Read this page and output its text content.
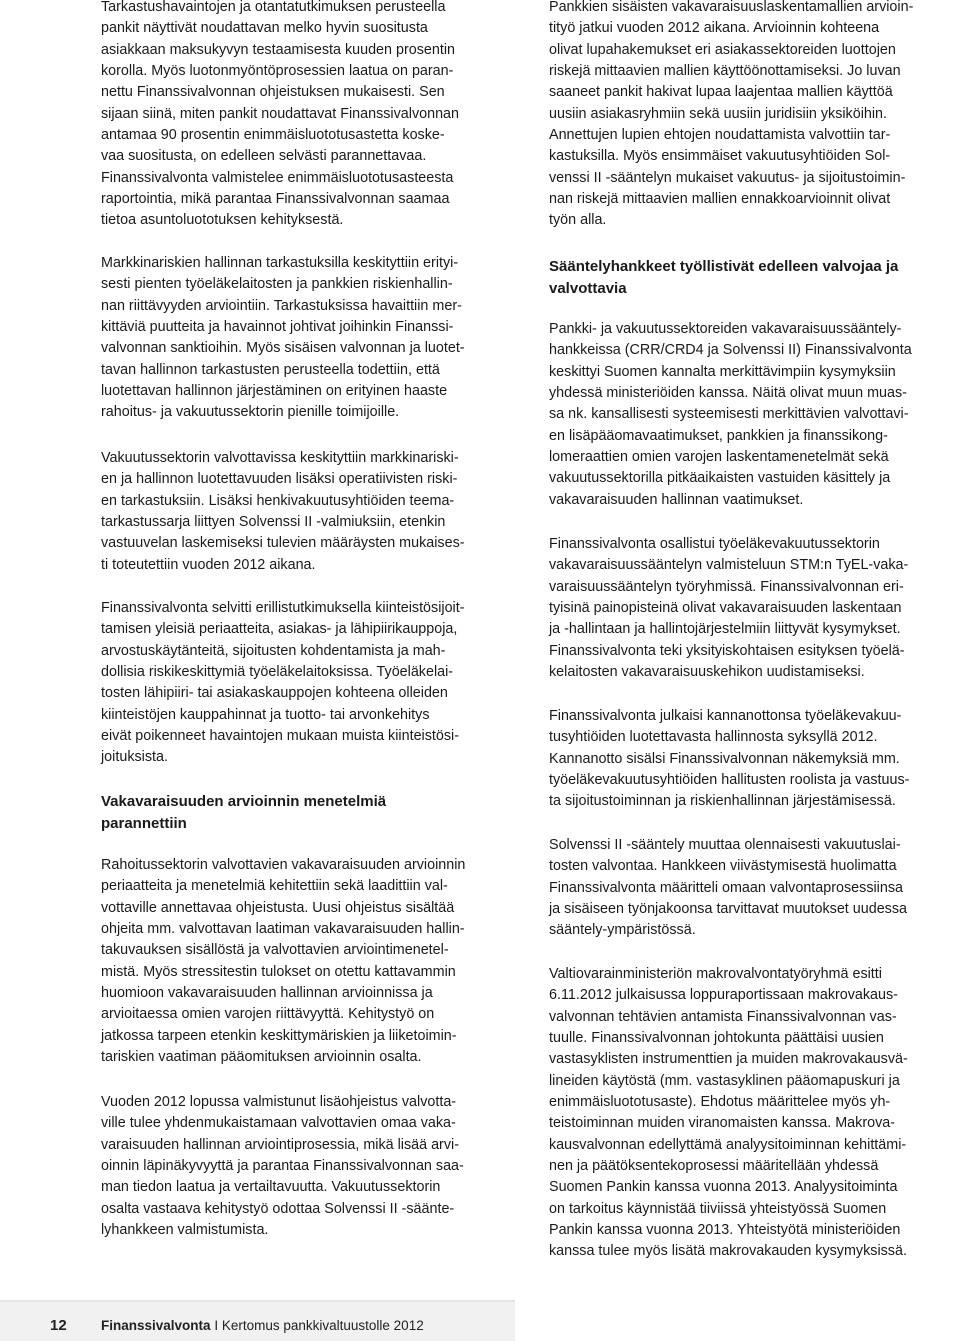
Tarkastushavaintojen ja otantatutkimuksen perusteella
pankit näyttivät noudattavan melko hyvin suositusta
asiakkaan maksukyvyn testaamisesta kuuden prosentin
korolla. Myös luotonmyöntöprosessien laatua on paran-
nettu Finanssivalvonnan ohjeistuksen mukaisesti. Sen
sijaan siinä, miten pankit noudattavat Finanssivalvonnan
antamaa 90 prosentin enimmäisluototusastetta koske-
vaa suositusta, on edelleen selvästi parannettavaa.
Finanssivalvonta valmistelee enimmäisluototusasteesta
raportointia, mikä parantaa Finanssivalvonnan saamaa
tietoa asuntoluototuksen kehityksestä.

Markkinariskien hallinnan tarkastuksilla keskityttiin erityi-
sesti pienten työeläkelaitosten ja pankkien riskienhallin-
nan riittävyyden arviointiin. Tarkastuksissa havaittiin mer-
kittäviä puutteita ja havainnot johtivat joihinkin Finanssi-
valvonnan sanktioihin. Myös sisäisen valvonnan ja luotet-
tavan hallinnon tarkastusten perusteella todettiin, että
luotettavan hallinnon järjestäminen on erityinen haaste
rahoitus- ja vakuutussektorin pienille toimijoille.

Vakuutussektorin valvottavissa keskityttiin markkinariski-
en ja hallinnon luotettavuuden lisäksi operatiivisten riski-
en tarkastuksiin. Lisäksi henkivakuutusyhtiöiden teema-
tarkastussarja liittyen Solvenssi II -valmiuksiin, etenkin
vastuuvelan laskemiseksi tulevien määräysten mukaises-
ti toteutettiin vuoden 2012 aikana.

Finanssivalvonta selvitti erillistutkimuksella kiinteistösijoit-
tamisen yleisiä periaatteita, asiakas- ja lähipiirikauppoja,
arvostuskäytänteitä, sijoitusten kohdentamista ja mah-
dollisia riskikeskittymiä työeläkelaitoksissa. Työeläkelai-
tosten lähipiiri- tai asiakaskauppojen kohteena olleiden
kiinteistöjen kauppahinnat ja tuotto- tai arvonkehitys
eivät poikenneet havaintojen mukaan muista kiinteistösi-
joituksista.

Vakavaraisuuden arvioinnin menetelmiä
parannettiin

Rahoitussektorin valvottavien vakavaraisuuden arvioinnin
periaatteita ja menetelmiä kehitettiin sekä laadittiin val-
vottaville annettavaa ohjeistusta. Uusi ohjeistus sisältää
ohjeita mm. valvottavan laatiman vakavaraisuuden hallin-
takuvauksen sisällöstä ja valvottavien arviointimenetel-
mistä. Myös stressitestin tulokset on otettu kattavammin
huomioon vakavaraisuuden hallinnan arvioinnissa ja
arvioitaessa omien varojen riittävyyttä. Kehitystyö on
jatkossa tarpeen etenkin keskittymäriskien ja liiketoimin-
tariskien vaatiman pääomituksen arvioinnin osalta.

Vuoden 2012 lopussa valmistunut lisäohjeistus valvotta-
ville tulee yhdenmukaistamaan valvottavien omaa vaka-
varaisuuden hallinnan arviointiprosessia, mikä lisää arvi-
oinnin läpinäkyvyyttä ja parantaa Finanssivalvonnan saa-
man tiedon laatua ja vertailtavuutta. Vakuutussektorin
osalta vastaava kehitystyö odottaa Solvenssi II -säänte-
lyhankkeen valmistumista.

Pankkien sisäisten vakavaraisuuslaskentamallien arvioin-
tityö jatkui vuoden 2012 aikana. Arvioinnin kohteena
olivat lupahakemukset eri asiakassektoreiden luottojen
riskejä mittaavien mallien käyttöönottamiseksi. Jo luvan
saaneet pankit hakivat lupaa laajentaa mallien käyttöä
uusiin asiakasryhmiin sekä uusiin juridisiin yksiköihin.
Annettujen lupien ehtojen noudattamista valvottiin tar-
kastuksilla. Myös ensimmäiset vakuutusyhtiöiden Sol-
venssi II -sääntelyn mukaiset vakuutus- ja sijoitustoimin-
nan riskejä mittaavien mallien ennakkoarvioinnit olivat
työn alla.

Sääntelyhankkeet työllistivät edelleen valvojaa ja
valvottavia

Pankki- ja vakuutussektoreiden vakavaraisuussääntely-
hankkeissa (CRR/CRD4 ja Solvenssi II) Finanssivalvonta
keskittyi Suomen kannalta merkittävimpiin kysymyksiin
yhdessä ministeriöiden kanssa. Näitä olivat muun muas-
sa nk. kansallisesti systeemisesti merkittävien valvottavi-
en lisäpääomavaatimukset, pankkien ja finanssikong-
lomeraattien omien varojen laskentamenetelmät sekä
vakuutussektorilla pitkäaikaisten vastuiden käsittely ja
vakavaraisuuden hallinnan vaatimukset.

Finanssivalvonta osallistui työeläkevakuutussektorin
vakavaraisuussääntelyn valmisteluun STM:n TyEL-vaka-
varaisuussääntelyn työryhmissä. Finanssivalvonnan eri-
tyisinä painopisteinä olivat vakavaraisuuden laskentaan
ja -hallintaan ja hallintojärjestelmiin liittyvät kysymykset.
Finanssivalvonta teki yksityiskohtaisen esityksen työelä-
kelaitosten vakavaraisuuskehikon uudistamiseksi.

Finanssivalvonta julkaisi kannanottonsa työeläkevakuu-
tusyhtiöiden luotettavasta hallinnosta syksyllä 2012.
Kannanotto sisälsi Finanssivalvonnan näkemyksiä mm.
työeläkevakuutusyhtiöiden hallitusten roolista ja vastuus-
ta sijoitustoiminnan ja riskienhallinnan järjestämisessä.

Solvenssi II -sääntely muuttaa olennaisesti vakuutuslai-
tosten valvontaa. Hankkeen viivästymisestä huolimatta
Finanssivalvonta määritteli omaan valvontaprosessiinsa
ja sisäiseen työnjakoonsa tarvittavat muutokset uudessa
sääntely-ympäristössä.

Valtiovarainministeriön makrovalvontatyöryhmä esitti
6.11.2012 julkaisussa loppuraportissaan makrovakaus-
valvonnan tehtävien antamista Finanssivalvonnan vas-
tuulle. Finanssivalvonnan johtokunta päättäisi uusien
vastasyklisten instrumenttien ja muiden makrovakausvä-
lineiden käytöstä (mm. vastasyklinen pääomapuskuri ja
enimmäisluototusaste). Ehdotus määrittelee myös yh-
teistoiminnan muiden viranomaisten kanssa. Makrova-
kausvalvonnan edellyttämä analyysitoiminnan kehittämi-
nen ja päätöksentekoprosessi määritellään yhdessä
Suomen Pankin kanssa vuonna 2013. Analyysitoiminta
on tarkoitus käynnistää tiiviissä yhteistyössä Suomen
Pankin kanssa vuonna 2013. Yhteistyötä ministeriöiden
kanssa tulee myös lisätä makrovakauden kysymyksissä.

12	Finanssivalvonta I Kertomus pankkivaltuustolle 2012
